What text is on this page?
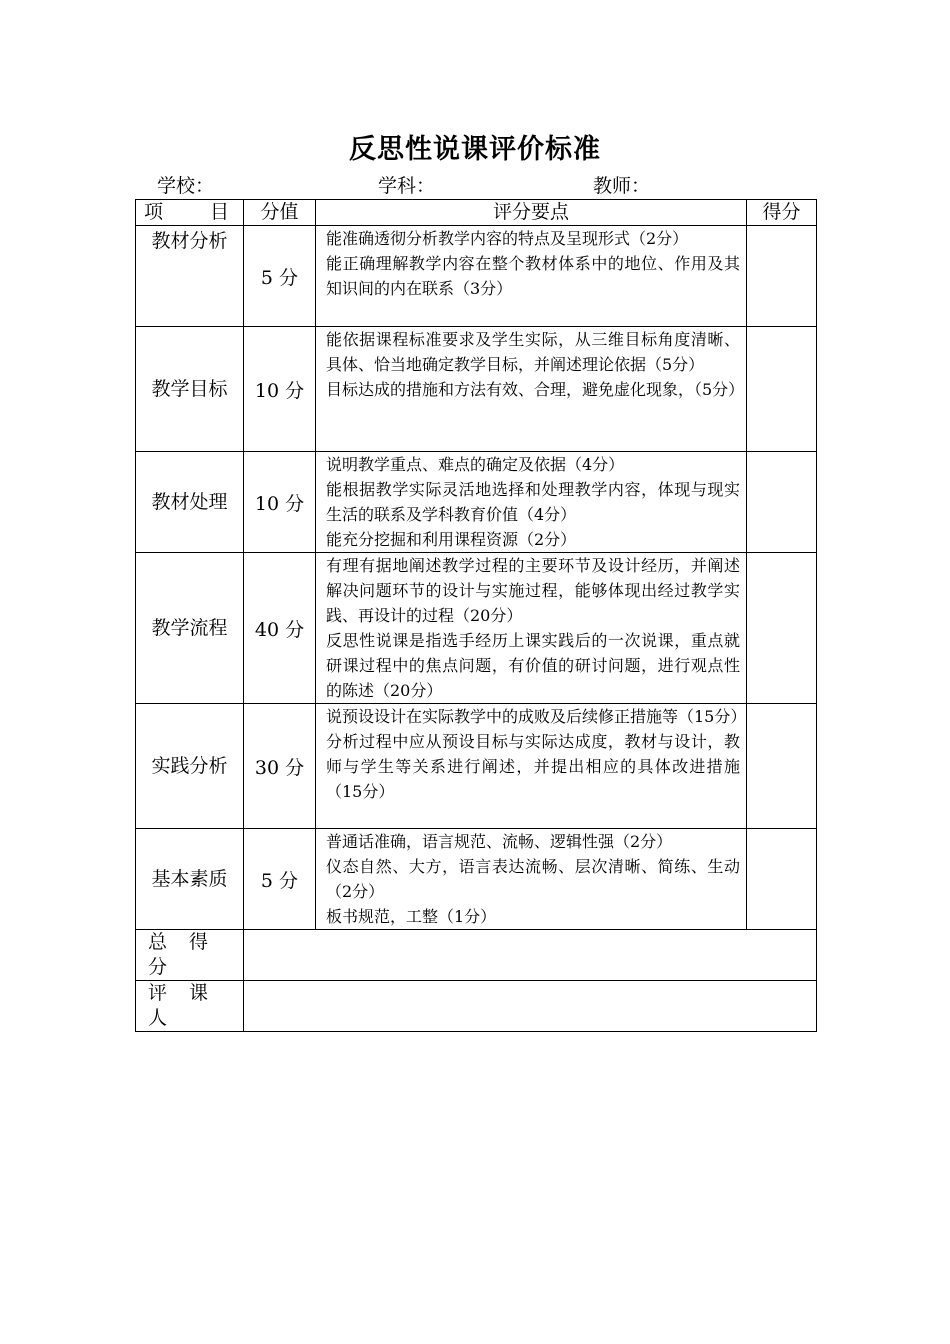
反思性说课评价标准
学校：	学科：	教师：
项　目	分值	评分要点	得分
教材分析	5 分	能准确透彻分析教学内容的特点及呈现形式（2分）

能正确理解教学内容在整个教材体系中的地位、作用及其知识间的内在联系（3分）	

教学目标	10 分	能依据课程标准要求及学生实际，从三维目标角度清晰、具体、恰当地确定教学目标，并阐述理论依据（5分）

目标达成的措施和方法有效、合理，避免虚化现象，（5分）	

教材处理	10 分	说明教学重点、难点的确定及依据（4分）

能根据教学实际灵活地选择和处理教学内容，体现与现实生活的联系及学科教育价值（4分）

能充分挖掘和利用课程资源（2分）	

教学流程	40 分	有理有据地阐述教学过程的主要环节及设计经历，并阐述解决问题环节的设计与实施过程，能够体现出经过教学实践、再设计的过程（20分）

反思性说课是指选手经历上课实践后的一次说课，重点就研课过程中的焦点问题，有价值的研讨问题，进行观点性的陈述（20分）	

实践分析	30 分	说预设设计在实际教学中的成败及后续修正措施等（15分）

分析过程中应从预设目标与实际达成度，教材与设计，教师与学生等关系进行阐述，并提出相应的具体改进措施（15分）	

基本素质	5 分	普通话准确，语言规范、流畅、逻辑性强（2分）

仪态自然、大方，语言表达流畅、层次清晰、简练、生动（2分）

板书规范，工整（1分）	

总得分			
评课人			
